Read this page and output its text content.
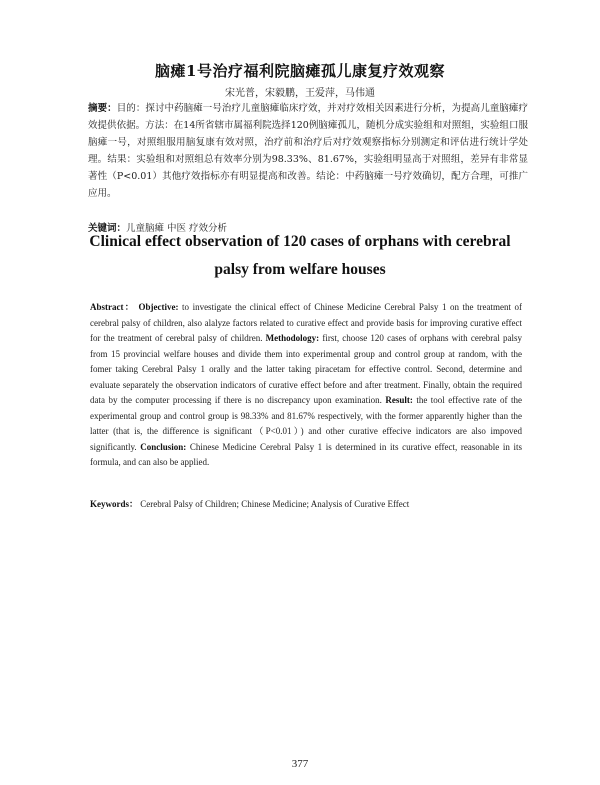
脑瘫1号治疗福利院脑瘫孤儿康复疗效观察
宋光普，宋毅鹏，王爱萍，马伟通
摘要：目的：探讨中药脑瘫一号治疗儿童脑瘫临床疗效，并对疗效相关因素进行分析，为提高儿童脑瘫疗效提供依据。方法：在14所省辖市属福利院选择120例脑瘫孤儿，随机分成实验组和对照组，实验组口服脑瘫一号，对照组服用脑复康有效对照，治疗前和治疗后对疗效观察指标分别测定和评估进行统计学处理。结果：实验组和对照组总有效率分别为98.33%、81.67%，实验组明显高于对照组，差异有非常显著性（P<0.01）其他疗效指标亦有明显提高和改善。结论：中药脑瘫一号疗效确切，配方合理，可推广应用。
关键词：儿童脑瘫 中医 疗效分析
Clinical effect observation of 120 cases of orphans with cerebral
palsy from welfare houses
Abstract： Objective: to investigate the clinical effect of Chinese Medicine Cerebral Palsy 1 on the treatment of cerebral palsy of children, also alalyze factors related to curative effect and provide basis for improving curative effect for the treatment of cerebral palsy of children. Methodology: first, choose 120 cases of orphans with cerebral palsy from 15 provincial welfare houses and divide them into experimental group and control group at random, with the fomer taking Cerebral Palsy 1 orally and the latter taking piracetam for effective control. Second, determine and evaluate separately the observation indicators of curative effect before and after treatment. Finally, obtain the required data by the computer processing if there is no discrepancy upon examination. Result: the tool effective rate of the experimental group and control group is 98.33% and 81.67% respectively, with the former apparently higher than the latter (that is, the difference is significant（P<0.01）) and other curative effecive indicators are also impoved significantly. Conclusion: Chinese Medicine Cerebral Palsy 1 is determined in its curative effect, reasonable in its formula, and can also be applied.
Keywords： Cerebral Palsy of Children; Chinese Medicine; Analysis of Curative Effect
377
